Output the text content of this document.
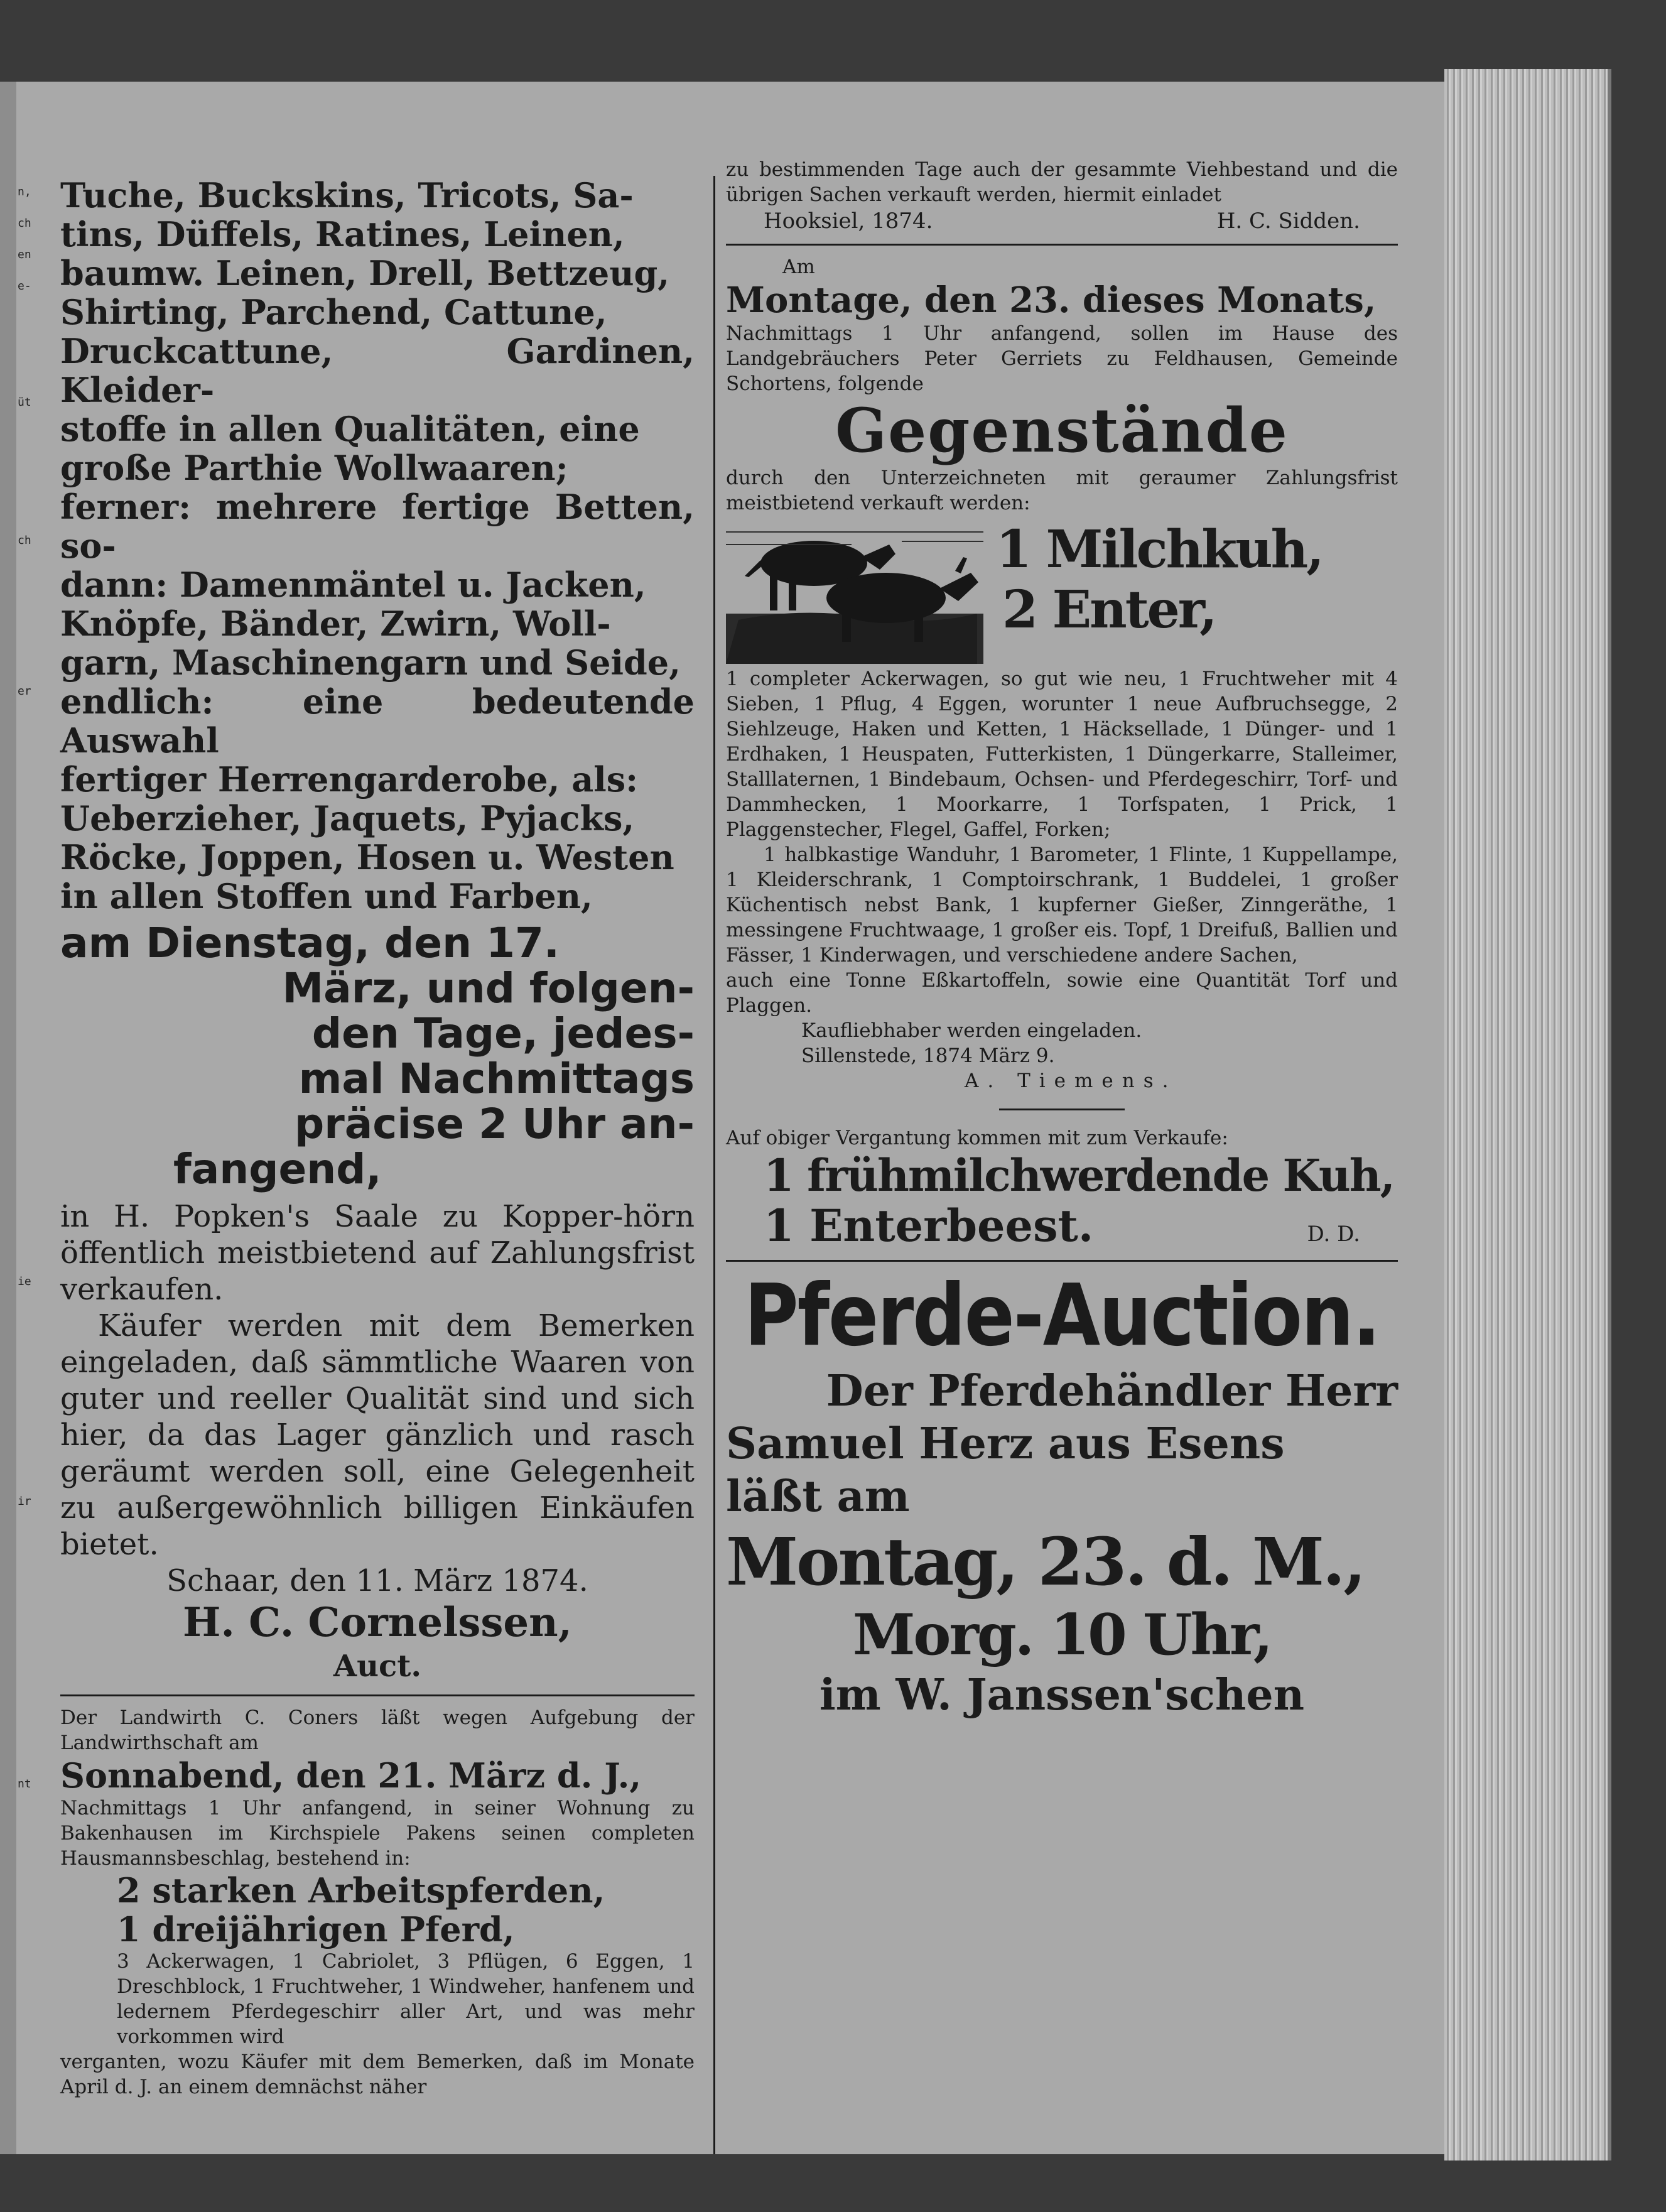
n,
ch
en
e-
üt
ch
er
ie
ir
nt

Tuche, Buckskins, Tricots, Sa-

tins, Düffels, Ratines, Leinen,

baumw. Leinen, Drell, Bettzeug,

Shirting, Parchend, Cattune,

Druckcattune, Gardinen, Kleider-

stoffe in allen Qualitäten, eine

große Parthie Wollwaaren;

ferner: mehrere fertige Betten, so-

dann: Damenmäntel u. Jacken,

Knöpfe, Bänder, Zwirn, Woll-

garn, Maschinengarn und Seide,

endlich: eine bedeutende Auswahl

fertiger Herrengarderobe, als:

Ueberzieher, Jaquets, Pyjacks,

Röcke, Joppen, Hosen u. Westen

in allen Stoffen und Farben,

am Dienstag, den 17.

März, und folgen-

den Tage, jedes-

mal Nachmittags

präcise 2 Uhr an-

fangend,

in H. Popken's Saale zu Kopper-hörn öffentlich meistbietend auf Zahlungsfrist verkaufen.

Käufer werden mit dem Bemerken eingeladen, daß sämmtliche Waaren von guter und reeller Qualität sind und sich hier, da das Lager gänzlich und rasch geräumt werden soll, eine Gelegenheit zu außergewöhnlich billigen Einkäufen bietet.

Schaar, den 11. März 1874.

H. C. Cornelssen,

Auct.

Der Landwirth C. Coners läßt wegen Aufgebung der Landwirthschaft am

Sonnabend, den 21. März d. J.,

Nachmittags 1 Uhr anfangend, in seiner Wohnung zu Bakenhausen im Kirchspiele Pakens seinen completen Hausmannsbeschlag, bestehend in:

2 starken Arbeitspferden,

1 dreijährigen Pferd,

3 Ackerwagen, 1 Cabriolet, 3 Pflügen, 6 Eggen, 1 Dreschblock, 1 Fruchtweher, 1 Windweher, hanfenem und ledernem Pferdegeschirr aller Art, und was mehr vorkommen wird

verganten, wozu Käufer mit dem Bemerken, daß im Monate April d. J. an einem demnächst näher

zu bestimmenden Tage auch der gesammte Viehbestand und die übrigen Sachen verkauft werden, hiermit einladet

Hooksiel, 1874.	H. C. Sidden.

Am

Montage, den 23. dieses Monats,

Nachmittags 1 Uhr anfangend, sollen im Hause des Landgebräuchers Peter Gerriets zu Feldhausen, Gemeinde Schortens, folgende

Gegenstände

durch den Unterzeichneten mit geraumer Zahlungsfrist meistbietend verkauft werden:

1 Milchkuh,

2 Enter,

1 completer Ackerwagen, so gut wie neu, 1 Fruchtweher mit 4 Sieben, 1 Pflug, 4 Eggen, worunter 1 neue Aufbruchsegge, 2 Siehlzeuge, Haken und Ketten, 1 Häcksellade, 1 Dünger- und 1 Erdhaken, 1 Heuspaten, Futterkisten, 1 Düngerkarre, Stalleimer, Stalllaternen, 1 Bindebaum, Ochsen- und Pferdegeschirr, Torf- und Dammhecken, 1 Moorkarre, 1 Torfspaten, 1 Prick, 1 Plaggenstecher, Flegel, Gaffel, Forken;

1 halbkastige Wanduhr, 1 Barometer, 1 Flinte, 1 Kuppellampe, 1 Kleiderschrank, 1 Comptoirschrank, 1 Buddelei, 1 großer Küchentisch nebst Bank, 1 kupferner Gießer, Zinngeräthe, 1 messingene Fruchtwaage, 1 großer eis. Topf, 1 Dreifuß, Ballien und Fässer, 1 Kinderwagen, und verschiedene andere Sachen,

auch eine Tonne Eßkartoffeln, sowie eine Quantität Torf und Plaggen.

Kaufliebhaber werden eingeladen.

Sillenstede, 1874 März 9.

A. Tiemens.

Auf obiger Vergantung kommen mit zum Verkaufe:

1 frühmilchwerdende Kuh,

1 Enterbeest.	D. D.

Pferde-Auction.

Der Pferdehändler Herr

Samuel Herz aus Esens

läßt am

Montag, 23. d. M.,

Morg. 10 Uhr,

im W. Janssen'schen
